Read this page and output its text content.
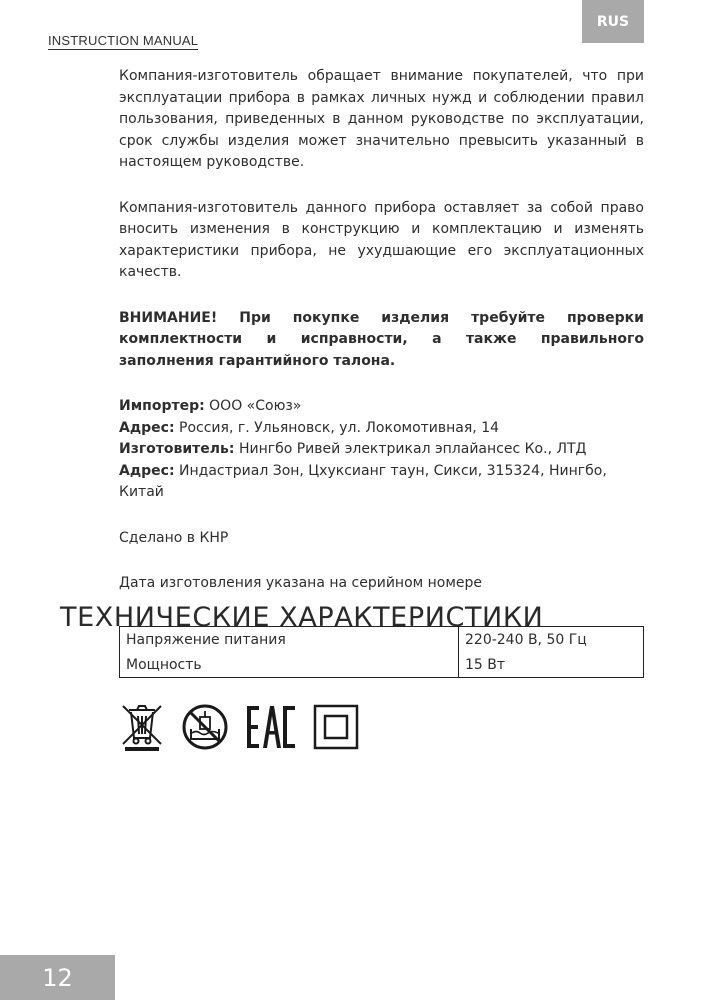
RUS
INSTRUCTION MANUAL

Компания-изготовитель обращает внимание покупателей, что при эксплуатации прибора в рамках личных нужд и соблюдении правил пользования, приведенных в данном руководстве по эксплуатации, срок службы изделия может значительно превысить указанный в настоящем руководстве.

Компания-изготовитель данного прибора оставляет за собой право вносить изменения в конструкцию и комплектацию и изменять характеристики прибора, не ухудшающие его эксплуатационных качеств.

ВНИМАНИЕ! При покупке изделия требуйте проверки комплектности и исправности, а также правильного заполнения гарантийного талона.

Импортер: ООО «Союз»
Адрес: Россия, г. Ульяновск, ул. Локомотивная, 14
Изготовитель: Нингбо Ривей электрикал эплайансес Ко., ЛТД
Адрес: Индастриал Зон, Цхуксианг таун, Сикси, 315324, Нингбо, Китай

Сделано в КНР

Дата изготовления указана на серийном номере

ТЕХНИЧЕСКИЕ ХАРАКТЕРИСТИКИ
Напряжение питания	220-240 В, 50 Гц
Мощность	15 Вт
12
